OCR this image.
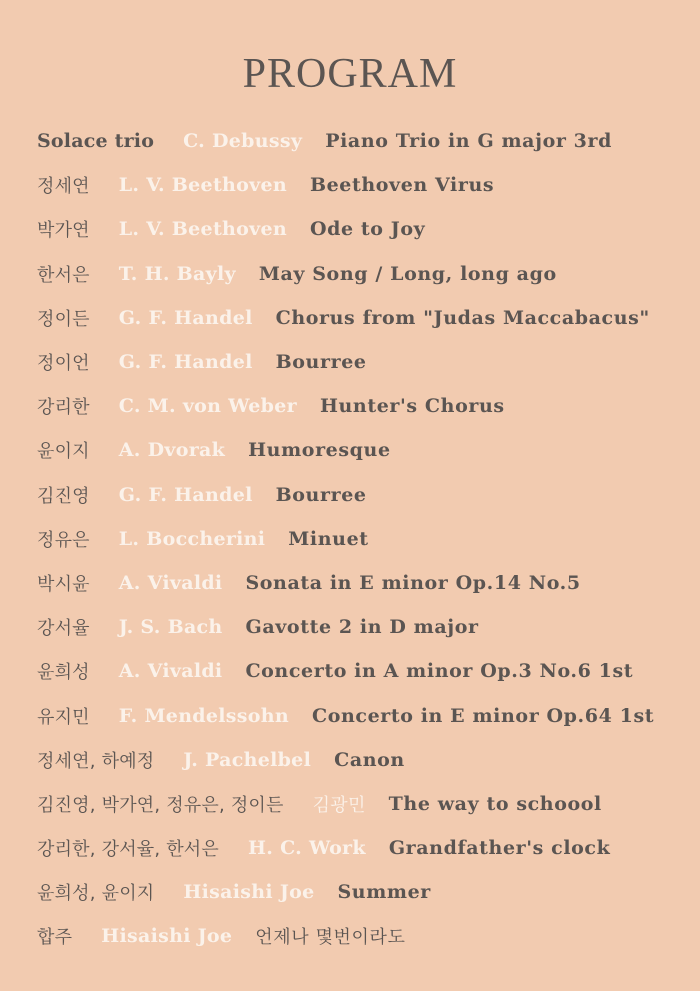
PROGRAM
Solace trio C. Debussy Piano Trio in G major 3rd
정세연 L. V. Beethoven Beethoven Virus
박가연 L. V. Beethoven Ode to Joy
한서은 T. H. Bayly May Song / Long, long ago
정이든 G. F. Handel Chorus from "Judas Maccabacus"
정이언 G. F. Handel Bourree
강리한 C. M. von Weber Hunter's Chorus
윤이지 A. Dvorak Humoresque
김진영 G. F. Handel Bourree
정유은 L. Boccherini Minuet
박시윤 A. Vivaldi Sonata in E minor Op.14 No.5
강서율 J. S. Bach Gavotte 2 in D major
윤희성 A. Vivaldi Concerto in A minor Op.3 No.6 1st
유지민 F. Mendelssohn Concerto in E minor Op.64 1st
정세연, 하예정 J. Pachelbel Canon
김진영, 박가연, 정유은, 정이든 김광민 The way to schoool
강리한, 강서율, 한서은 H. C. Work Grandfather's clock
윤희성, 윤이지 Hisaishi Joe Summer
합주 Hisaishi Joe 언제나 몇번이라도
